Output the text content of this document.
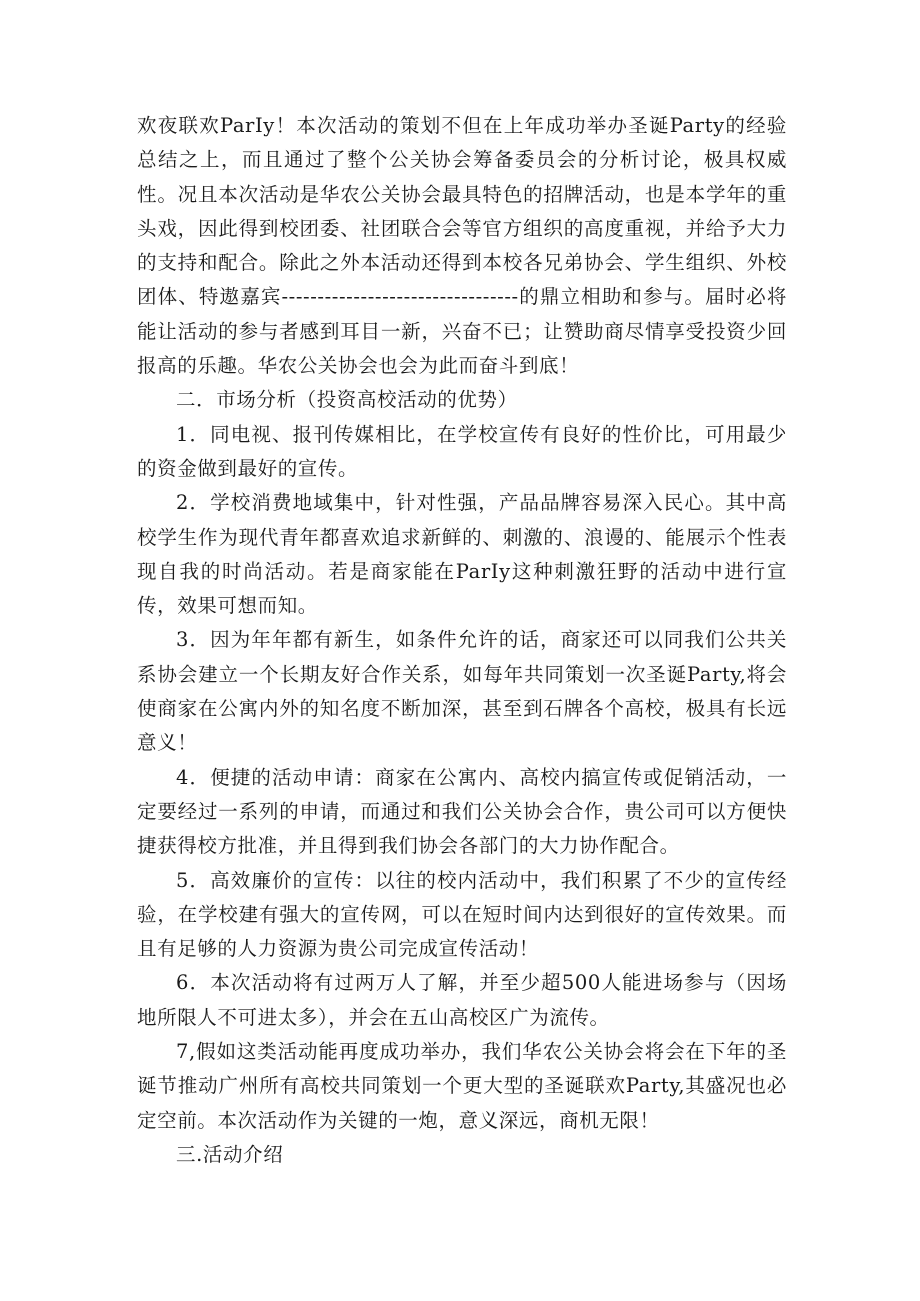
欢夜联欢ParIy！本次活动的策划不但在上年成功举办圣诞Party的经验总结之上，而且通过了整个公关协会筹备委员会的分析讨论，极具权威性。况且本次活动是华农公关协会最具特色的招牌活动，也是本学年的重头戏，因此得到校团委、社团联合会等官方组织的高度重视，并给予大力的支持和配合。除此之外本活动还得到本校各兄弟协会、学生组织、外校团体、特遨嘉宾---------------------------------的鼎立相助和参与。届时必将能让活动的参与者感到耳目一新，兴奋不已；让赞助商尽情享受投资少回报高的乐趣。华农公关协会也会为此而奋斗到底！

二．市场分析（投资高校活动的优势）

1．同电视、报刊传媒相比，在学校宣传有良好的性价比，可用最少的资金做到最好的宣传。

2．学校消费地域集中，针对性强，产品品牌容易深入民心。其中高校学生作为现代青年都喜欢追求新鲜的、刺激的、浪谩的、能展示个性表现自我的时尚活动。若是商家能在ParIy这种刺激狂野的活动中进行宣传，效果可想而知。

3．因为年年都有新生，如条件允许的话，商家还可以同我们公共关系协会建立一个长期友好合作关系，如每年共同策划一次圣诞Party,将会使商家在公寓内外的知名度不断加深，甚至到石牌各个高校，极具有长远意义！

4．便捷的活动申请：商家在公寓内、高校内搞宣传或促销活动，一定要经过一系列的申请，而通过和我们公关协会合作，贵公司可以方便快捷获得校方批准，并且得到我们协会各部门的大力协作配合。

5．高效廉价的宣传：以往的校内活动中，我们积累了不少的宣传经验，在学校建有强大的宣传网，可以在短时间内达到很好的宣传效果。而且有足够的人力资源为贵公司完成宣传活动！

6．本次活动将有过两万人了解，并至少超500人能进场参与（因场地所限人不可进太多），并会在五山高校区广为流传。

7,假如这类活动能再度成功举办，我们华农公关协会将会在下年的圣诞节推动广州所有高校共同策划一个更大型的圣诞联欢Party,其盛况也必定空前。本次活动作为关键的一炮，意义深远，商机无限！

三.活动介绍
